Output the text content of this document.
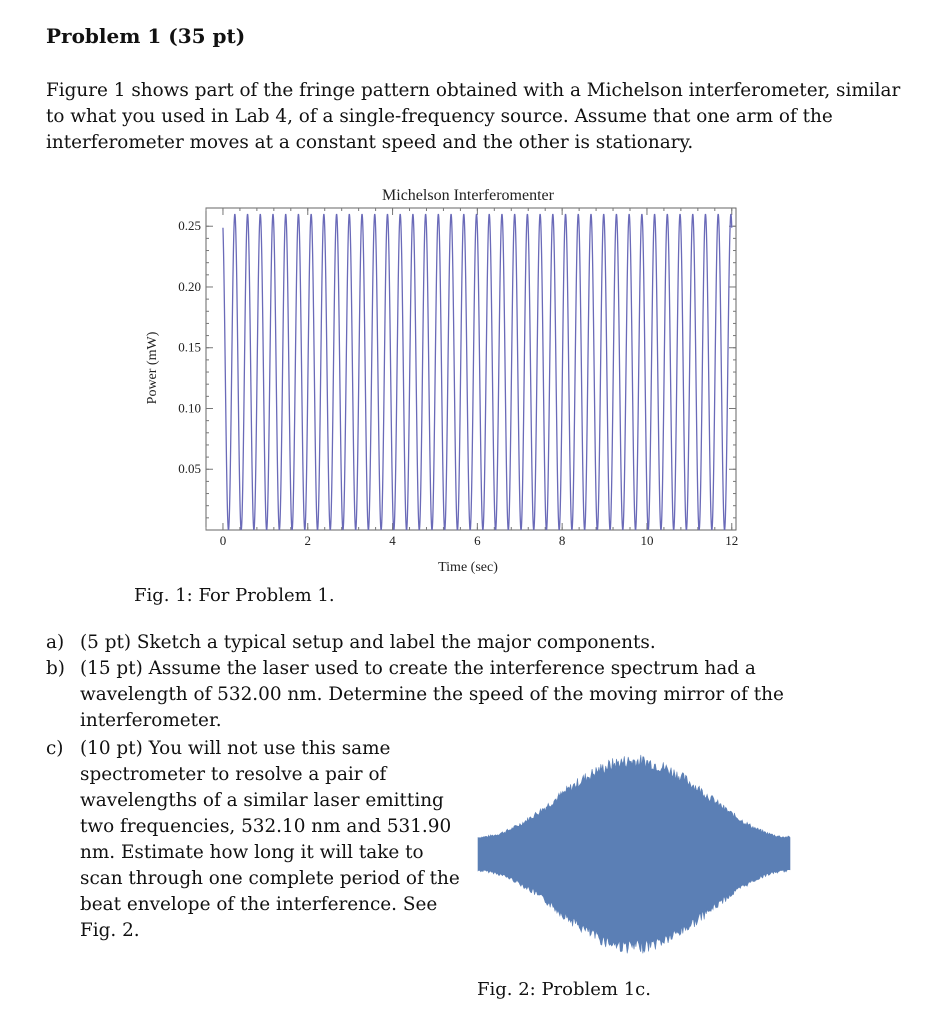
Problem 1 (35 pt)
Figure 1 shows part of the fringe pattern obtained with a Michelson interferometer, similar to what you used in Lab 4, of a single-frequency source. Assume that one arm of the interferometer moves at a constant speed and the other is stationary.
Michelson Interferomenter
0	2	4	6	8	10	12
0.05
0.10
0.15
0.20
0.25
Time (sec)
Power (mW)
Fig. 1: For Problem 1.
a) (5 pt) Sketch a typical setup and label the major components.
b) (15 pt) Assume the laser used to create the interference spectrum had a wavelength of 532.00 nm. Determine the speed of the moving mirror of the interferometer.
c) (10 pt) You will not use this same spectrometer to resolve a pair of wavelengths of a similar laser emitting two frequencies, 532.10 nm and 531.90 nm. Estimate how long it will take to scan through one complete period of the beat envelope of the interference. See Fig. 2.
Fig. 2: Problem 1c.
